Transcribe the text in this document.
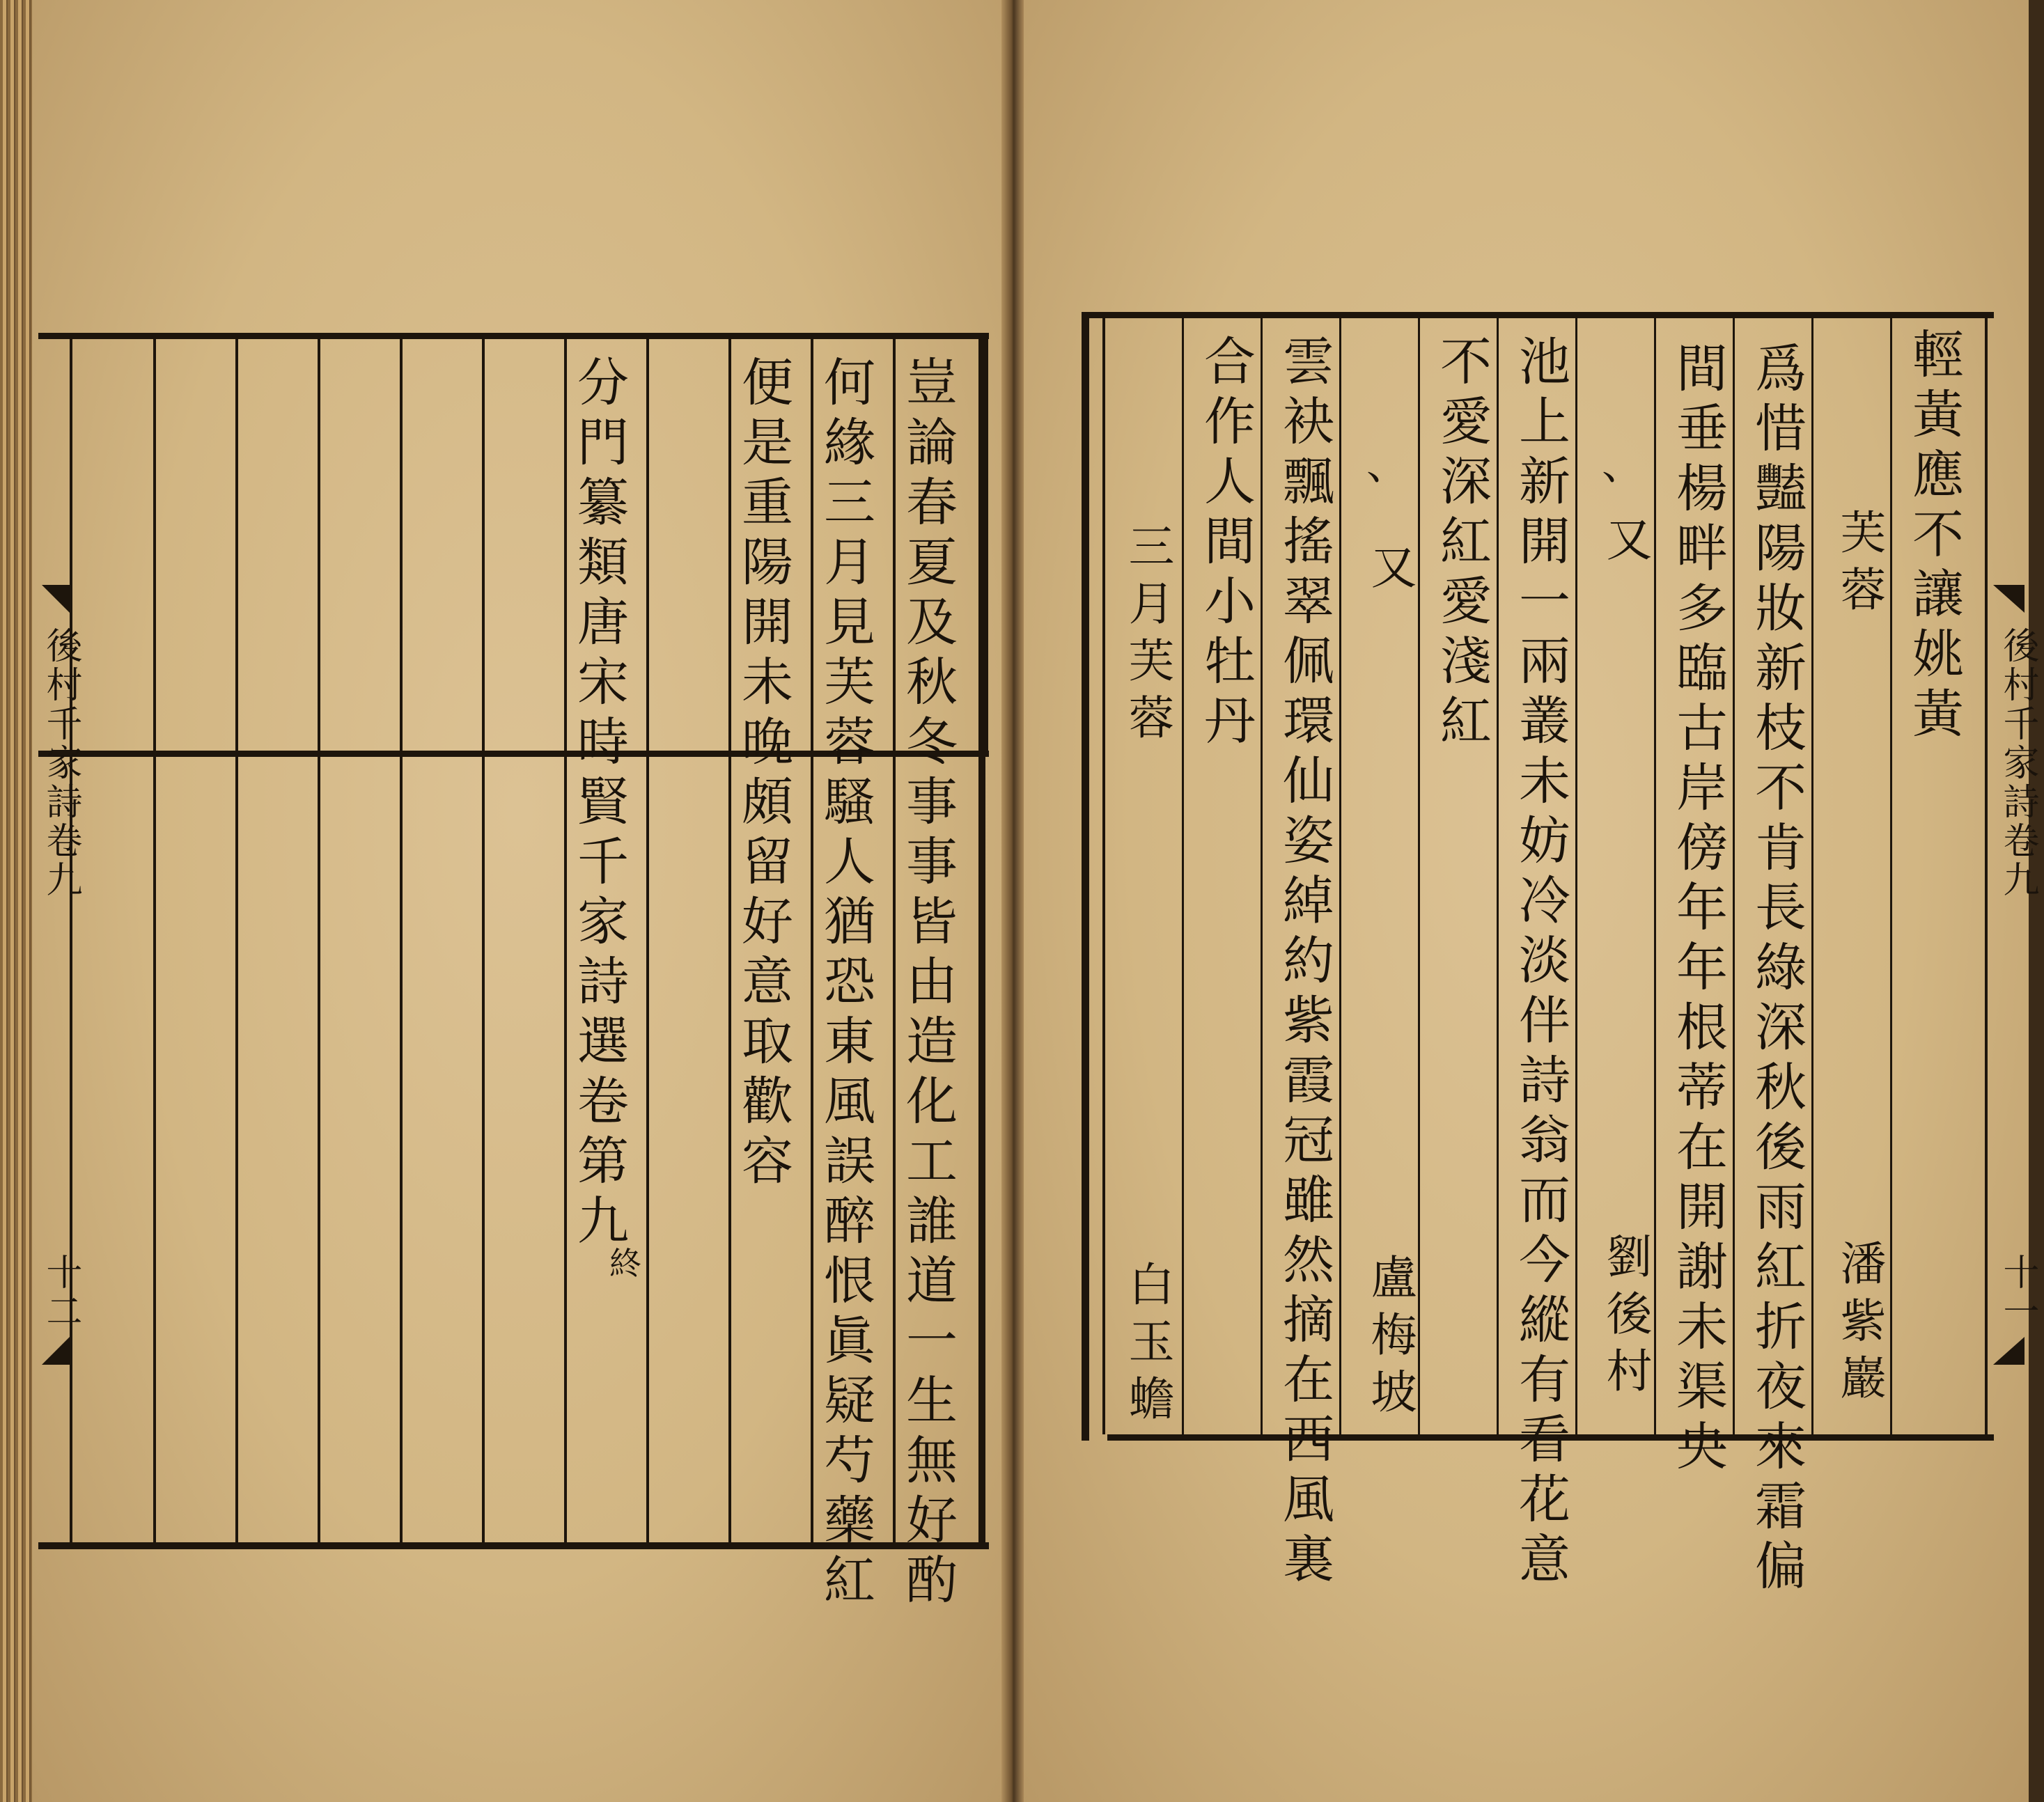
豈論春夏及秋冬事事皆由造化工誰道一生無好酌
何緣三月見芙蓉騷人猶恐東風誤醉恨眞疑芍藥紅
便是重陽開未晚頗留好意取歡容
分門纂類唐宋時賢千家詩選卷第九
終
後村千家詩卷九
十二
輕黃應不讓姚黃
芙蓉
潘紫巖
爲惜豔陽妝新枝不肯長綠深秋後雨紅折夜來霜偏
間垂楊畔多臨古岸傍年年根蒂在開謝未渠央
、
又
劉後村
池上新開一兩叢未妨冷淡伴詩翁而今縱有看花意
不愛深紅愛淺紅
、
又
盧梅坡
雲袂飄搖翠佩環仙姿綽約紫霞冠雖然摘在西風裏
合作人間小牡丹
三月芙蓉
白玉蟾
後村千家詩卷九
十一
